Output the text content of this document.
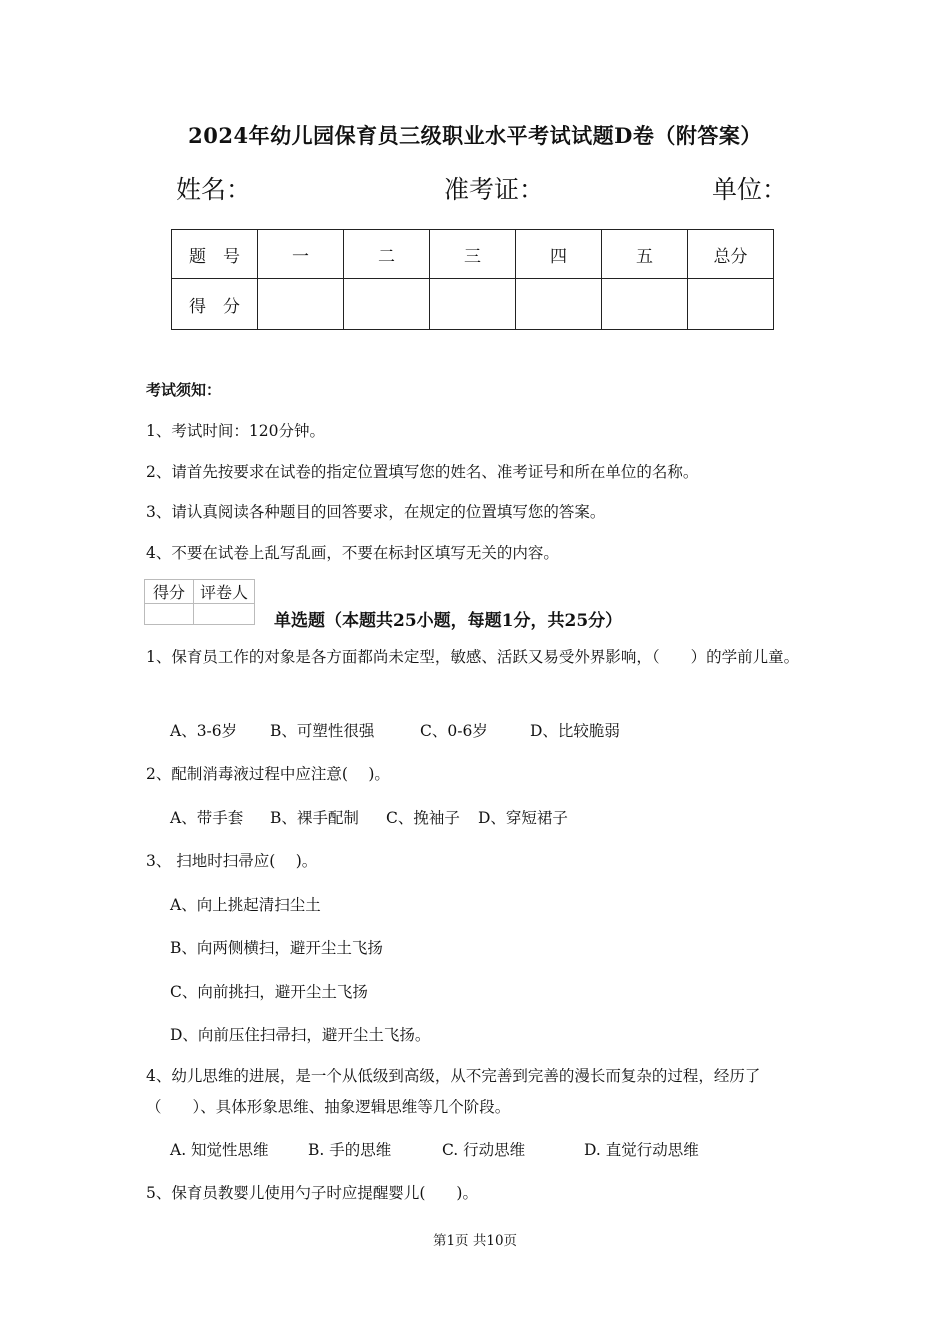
2024年幼儿园保育员三级职业水平考试试题D卷（附答案）
姓名：	准考证：	单位：
题　号	一	二	三	四	五	总分
得　分						
考试须知：
1、考试时间：120分钟。
2、请首先按要求在试卷的指定位置填写您的姓名、准考证号和所在单位的名称。
3、请认真阅读各种题目的回答要求，在规定的位置填写您的答案。
4、不要在试卷上乱写乱画，不要在标封区填写无关的内容。
得分	评卷人

单选题（本题共25小题，每题1分，共25分）
1、保育员工作的对象是各方面都尚未定型，敏感、活跃又易受外界影响，（　　）的学前儿童。
A、3-6岁 B、可塑性很强	C、0-6岁	D、比较脆弱
2、配制消毒液过程中应注意(　 )。
A、带手套 B、裸手配制 C、挽袖子 D、穿短裙子
3、 扫地时扫帚应(　 )。
A、向上挑起清扫尘土
B、向两侧横扫，避开尘土飞扬
C、向前挑扫，避开尘土飞扬
D、向前压住扫帚扫，避开尘土飞扬。
4、幼儿思维的进展，是一个从低级到高级，从不完善到完善的漫长而复杂的过程，经历了（　　）、具体形象思维、抽象逻辑思维等几个阶段。
A. 知觉性思维	B. 手的思维	C. 行动思维	D. 直觉行动思维
5、保育员教婴儿使用勺子时应提醒婴儿(　　)。
第1页 共10页
